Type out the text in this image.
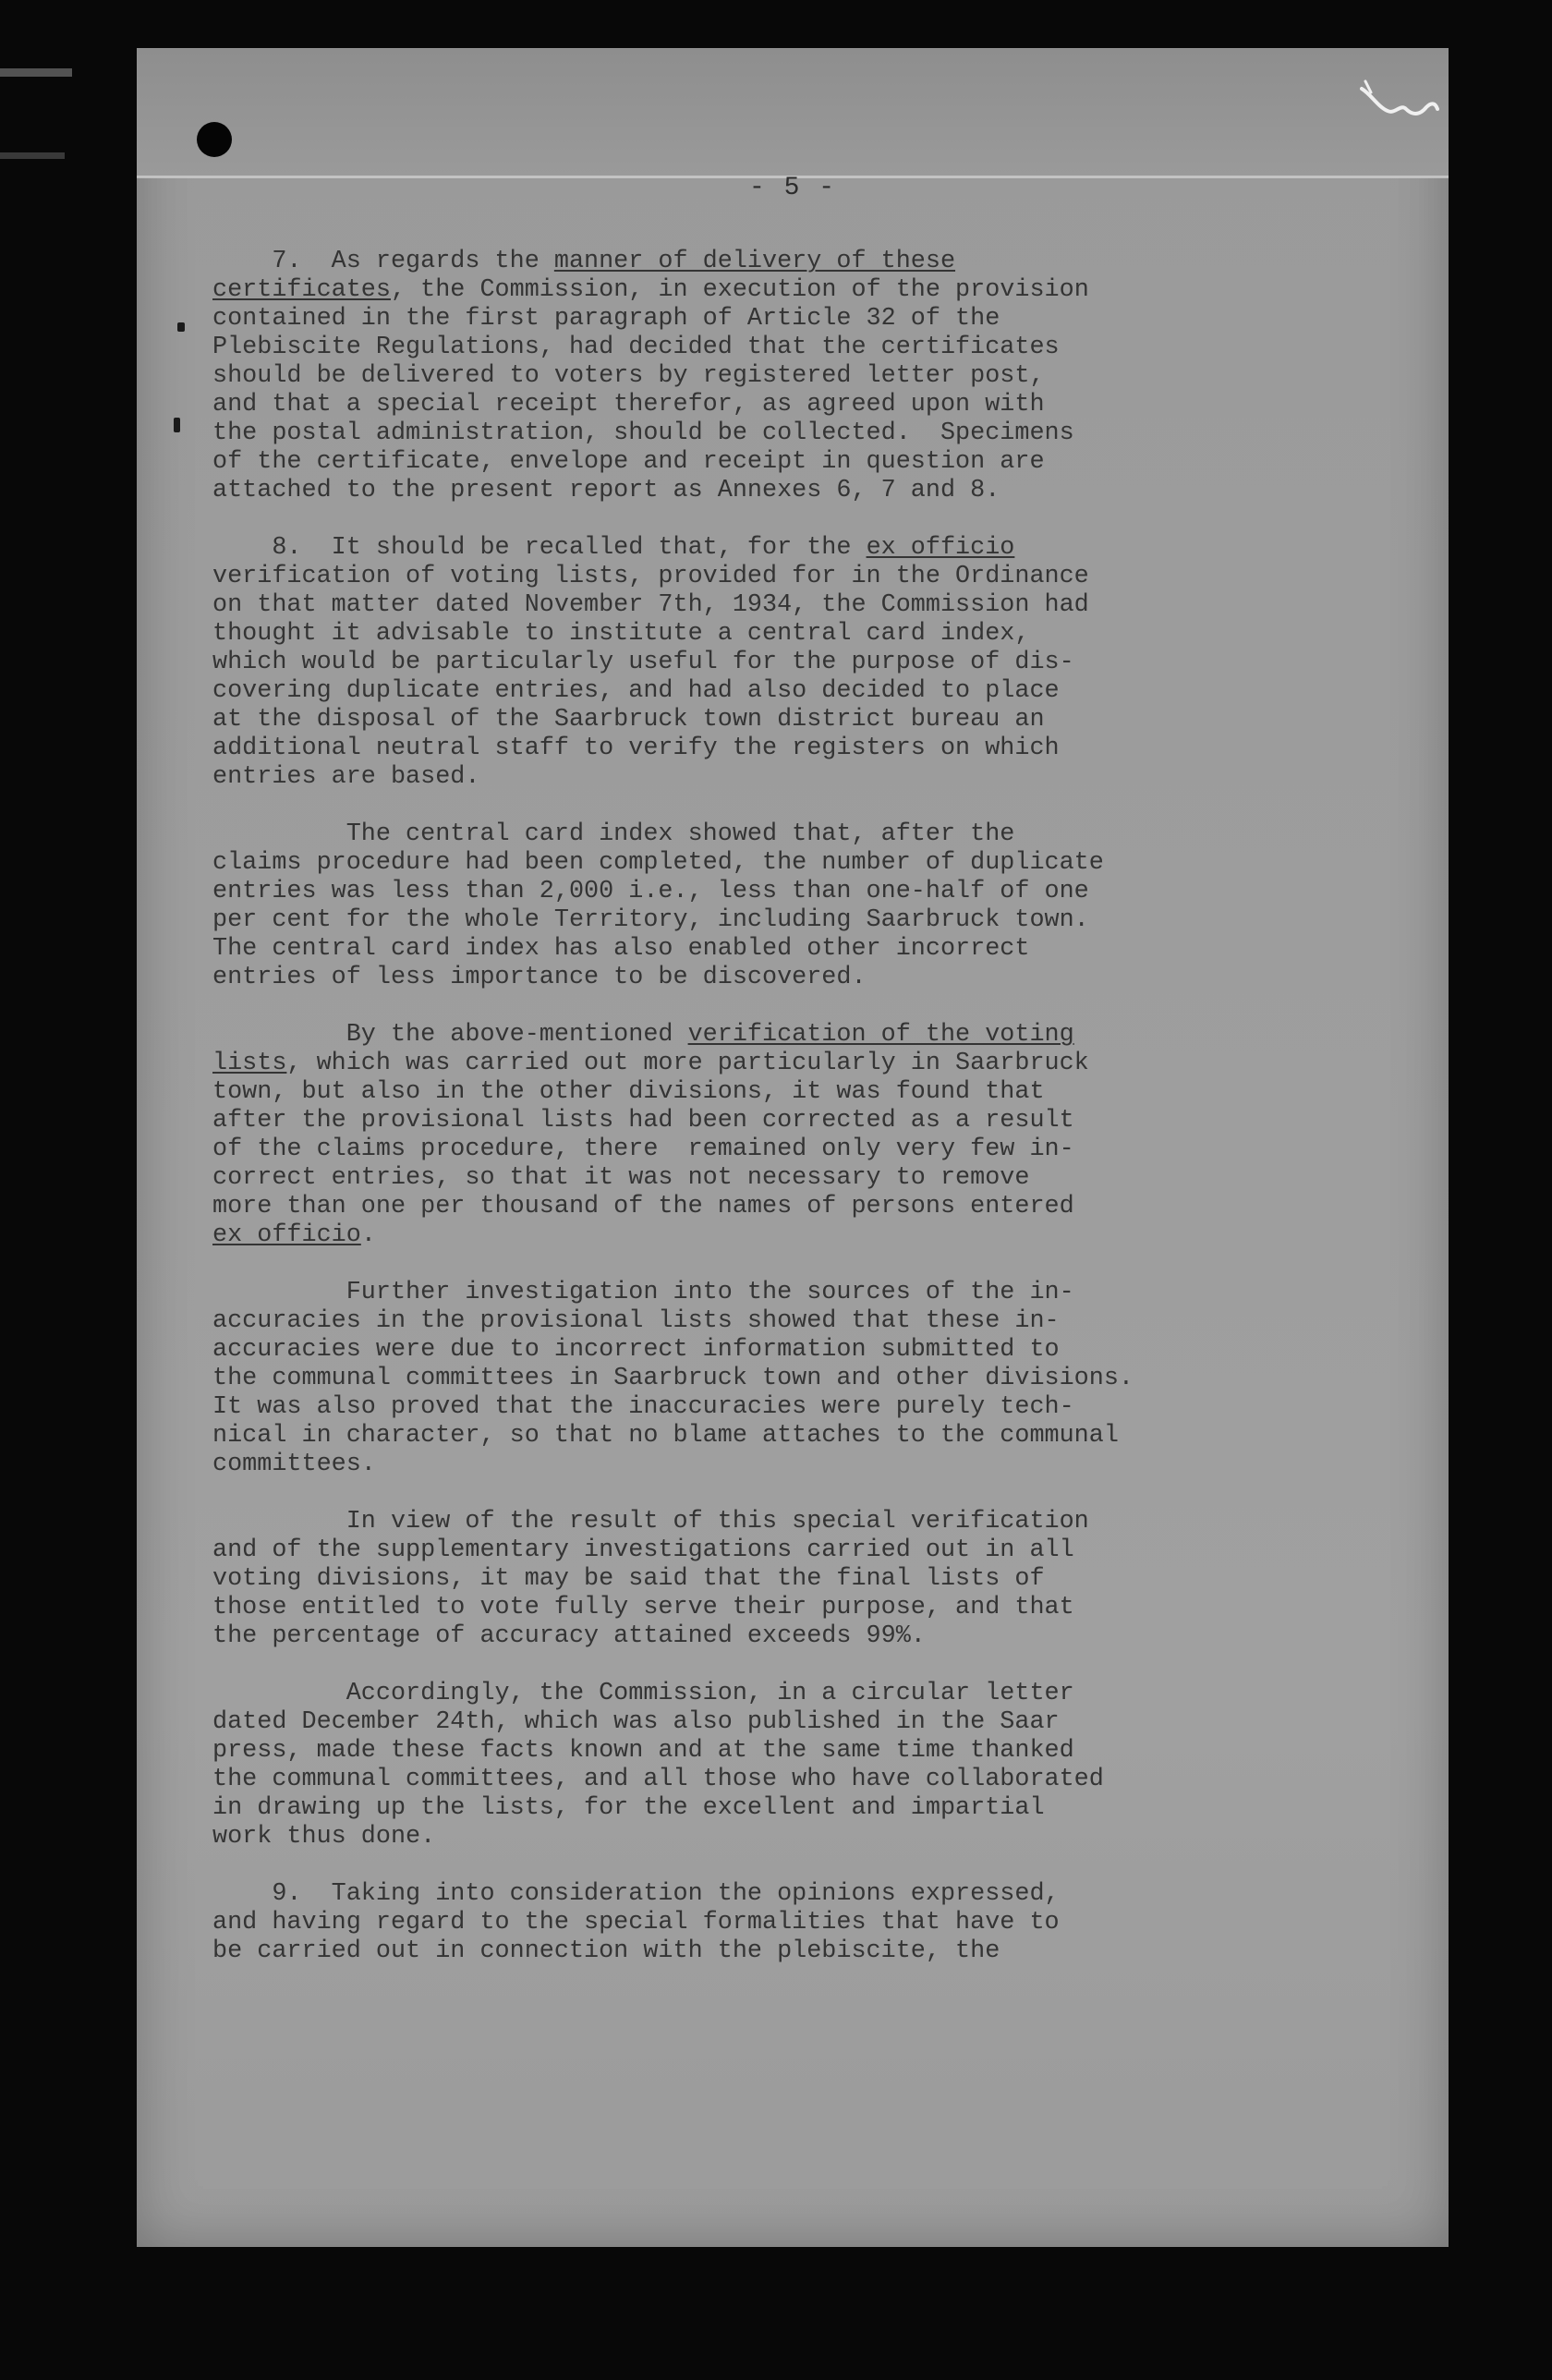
- 5 -
7.  As regards the manner of delivery of these
certificates, the Commission, in execution of the provision
contained in the first paragraph of Article 32 of the
Plebiscite Regulations, had decided that the certificates
should be delivered to voters by registered letter post,
and that a special receipt therefor, as agreed upon with
the postal administration, should be collected.  Specimens
of the certificate, envelope and receipt in question are
attached to the present report as Annexes 6, 7 and 8.
8.  It should be recalled that, for the ex officio
verification of voting lists, provided for in the Ordinance
on that matter dated November 7th, 1934, the Commission had
thought it advisable to institute a central card index,
which would be particularly useful for the purpose of dis-
covering duplicate entries, and had also decided to place
at the disposal of the Saarbruck town district bureau an
additional neutral staff to verify the registers on which
entries are based.
The central card index showed that, after the
claims procedure had been completed, the number of duplicate
entries was less than 2,000 i.e., less than one-half of one
per cent for the whole Territory, including Saarbruck town.
The central card index has also enabled other incorrect
entries of less importance to be discovered.
By the above-mentioned verification of the voting
lists, which was carried out more particularly in Saarbruck
town, but also in the other divisions, it was found that
after the provisional lists had been corrected as a result
of the claims procedure, there  remained only very few in-
correct entries, so that it was not necessary to remove
more than one per thousand of the names of persons entered
ex officio.
Further investigation into the sources of the in-
accuracies in the provisional lists showed that these in-
accuracies were due to incorrect information submitted to
the communal committees in Saarbruck town and other divisions.
It was also proved that the inaccuracies were purely tech-
nical in character, so that no blame attaches to the communal
committees.
In view of the result of this special verification
and of the supplementary investigations carried out in all
voting divisions, it may be said that the final lists of
those entitled to vote fully serve their purpose, and that
the percentage of accuracy attained exceeds 99%.
Accordingly, the Commission, in a circular letter
dated December 24th, which was also published in the Saar
press, made these facts known and at the same time thanked
the communal committees, and all those who have collaborated
in drawing up the lists, for the excellent and impartial
work thus done.
9.  Taking into consideration the opinions expressed,
and having regard to the special formalities that have to
be carried out in connection with the plebiscite, the
